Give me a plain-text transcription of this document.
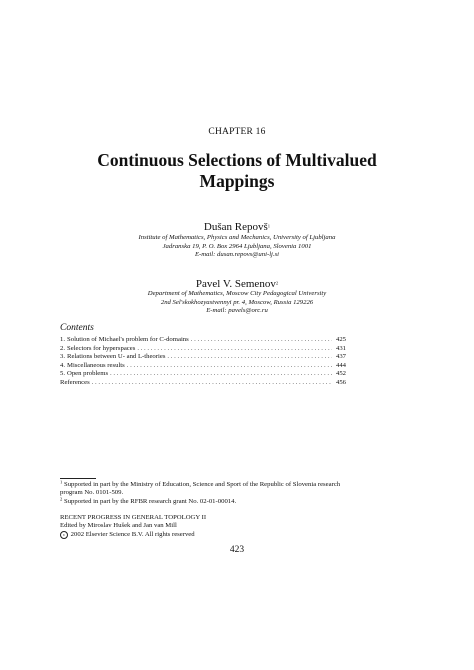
CHAPTER 16
Continuous Selections of Multivalued
Mappings
Dušan Repovš$^1$
Institute of Mathematics, Physics and Mechanics, University of Ljubljana
Jadranska 19, P. O. Box 2964 Ljubljana, Slovenia 1001
E-mail: dusan.repovs@uni-lj.si
Pavel V. Semenov$^2$
Department of Mathematics, Moscow City Pedagogical University
2nd Sel'skokhozyastvennyi pr. 4, Moscow, Russia 129226
E-mail: pavels@orc.ru
Contents
1. Solution of Michael's problem for C-domains . . .	425
2. Selectors for hyperspaces . . .	431
3. Relations between U- and L-theories . . .	437
4. Miscellaneous results . . .	444
5. Open problems . . .	452
References . . .	456
$^1$ Supported in part by the Ministry of Education, Science and Sport of the Republic of Slovenia research program No. 0101-509.
$^2$ Supported in part by the RFBR research grant No. 02-01-00014.
RECENT PROGRESS IN GENERAL TOPOLOGY II
Edited by Miroslav Hušek and Jan van Mill
c 2002 Elsevier Science B.V. All rights reserved
423
